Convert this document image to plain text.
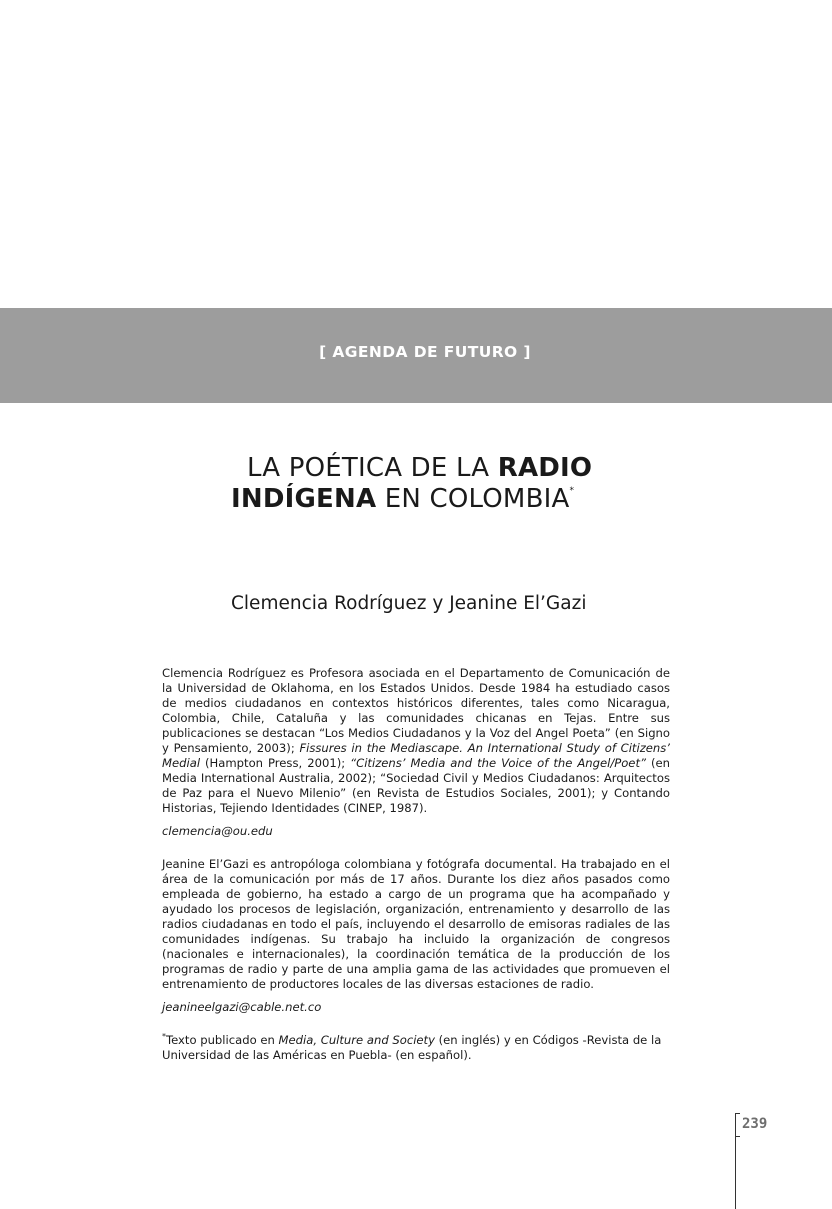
[ AGENDA DE FUTURO ]
LA POÉTICA DE LA RADIO
INDÍGENA EN COLOMBIA*
Clemencia Rodríguez y Jeanine El’Gazi

Clemencia Rodríguez es Profesora asociada en el Departamento de Comunicación de la Universidad de Oklahoma, en los Estados Unidos. Desde 1984 ha estudiado casos de medios ciudadanos en contextos históricos diferentes, tales como Nicaragua, Colombia, Chile, Cataluña y las comunidades chicanas en Tejas. Entre sus publicaciones se destacan “Los Medios Ciudadanos y la Voz del Angel Poeta” (en Signo y Pensamiento, 2003); Fissures in the Mediascape. An International Study of Citizens’ Medial (Hampton Press, 2001); “Citizens’ Media and the Voice of the Angel/Poet” (en Media International Australia, 2002); “Sociedad Civil y Medios Ciudadanos: Arquitectos de Paz para el Nuevo Milenio” (en Revista de Estudios Sociales, 2001); y Contando Historias, Tejiendo Identidades (CINEP, 1987).

clemencia@ou.edu

Jeanine El’Gazi es antropóloga colombiana y fotógrafa documental. Ha trabajado en el área de la comunicación por más de 17 años. Durante los diez años pasados como empleada de gobierno, ha estado a cargo de un programa que ha acompañado y ayudado los procesos de legislación, organización, entrenamiento y desarrollo de las radios ciudadanas en todo el país, incluyendo el desarrollo de emisoras radiales de las comunidades indígenas. Su trabajo ha incluido la organización de congresos (nacionales e internacionales), la coordinación temática de la producción de los programas de radio y parte de una amplia gama de las actividades que promueven el entrenamiento de productores locales de las diversas estaciones de radio.

jeanineelgazi@cable.net.co

*Texto publicado en Media, Culture and Society (en inglés) y en Códigos -Revista de la Universidad de las Américas en Puebla- (en español).

239
